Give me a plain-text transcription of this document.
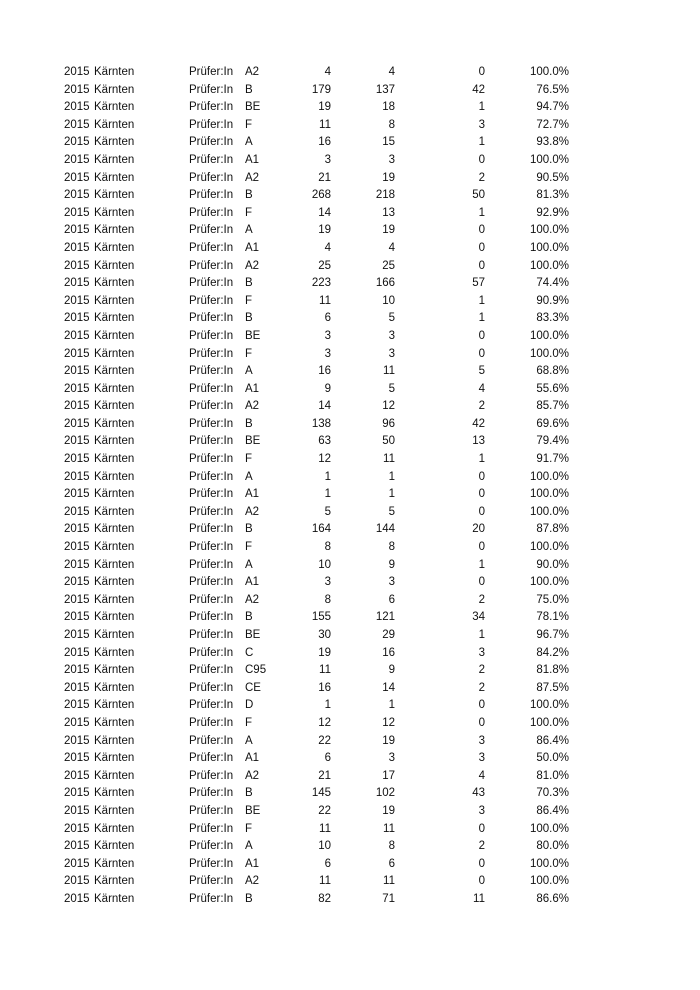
2015	Kärnten	Prüfer:In	A2	4	4	0	100.0%
2015	Kärnten	Prüfer:In	B	179	137	42	76.5%
2015	Kärnten	Prüfer:In	BE	19	18	1	94.7%
2015	Kärnten	Prüfer:In	F	11	8	3	72.7%
2015	Kärnten	Prüfer:In	A	16	15	1	93.8%
2015	Kärnten	Prüfer:In	A1	3	3	0	100.0%
2015	Kärnten	Prüfer:In	A2	21	19	2	90.5%
2015	Kärnten	Prüfer:In	B	268	218	50	81.3%
2015	Kärnten	Prüfer:In	F	14	13	1	92.9%
2015	Kärnten	Prüfer:In	A	19	19	0	100.0%
2015	Kärnten	Prüfer:In	A1	4	4	0	100.0%
2015	Kärnten	Prüfer:In	A2	25	25	0	100.0%
2015	Kärnten	Prüfer:In	B	223	166	57	74.4%
2015	Kärnten	Prüfer:In	F	11	10	1	90.9%
2015	Kärnten	Prüfer:In	B	6	5	1	83.3%
2015	Kärnten	Prüfer:In	BE	3	3	0	100.0%
2015	Kärnten	Prüfer:In	F	3	3	0	100.0%
2015	Kärnten	Prüfer:In	A	16	11	5	68.8%
2015	Kärnten	Prüfer:In	A1	9	5	4	55.6%
2015	Kärnten	Prüfer:In	A2	14	12	2	85.7%
2015	Kärnten	Prüfer:In	B	138	96	42	69.6%
2015	Kärnten	Prüfer:In	BE	63	50	13	79.4%
2015	Kärnten	Prüfer:In	F	12	11	1	91.7%
2015	Kärnten	Prüfer:In	A	1	1	0	100.0%
2015	Kärnten	Prüfer:In	A1	1	1	0	100.0%
2015	Kärnten	Prüfer:In	A2	5	5	0	100.0%
2015	Kärnten	Prüfer:In	B	164	144	20	87.8%
2015	Kärnten	Prüfer:In	F	8	8	0	100.0%
2015	Kärnten	Prüfer:In	A	10	9	1	90.0%
2015	Kärnten	Prüfer:In	A1	3	3	0	100.0%
2015	Kärnten	Prüfer:In	A2	8	6	2	75.0%
2015	Kärnten	Prüfer:In	B	155	121	34	78.1%
2015	Kärnten	Prüfer:In	BE	30	29	1	96.7%
2015	Kärnten	Prüfer:In	C	19	16	3	84.2%
2015	Kärnten	Prüfer:In	C95	11	9	2	81.8%
2015	Kärnten	Prüfer:In	CE	16	14	2	87.5%
2015	Kärnten	Prüfer:In	D	1	1	0	100.0%
2015	Kärnten	Prüfer:In	F	12	12	0	100.0%
2015	Kärnten	Prüfer:In	A	22	19	3	86.4%
2015	Kärnten	Prüfer:In	A1	6	3	3	50.0%
2015	Kärnten	Prüfer:In	A2	21	17	4	81.0%
2015	Kärnten	Prüfer:In	B	145	102	43	70.3%
2015	Kärnten	Prüfer:In	BE	22	19	3	86.4%
2015	Kärnten	Prüfer:In	F	11	11	0	100.0%
2015	Kärnten	Prüfer:In	A	10	8	2	80.0%
2015	Kärnten	Prüfer:In	A1	6	6	0	100.0%
2015	Kärnten	Prüfer:In	A2	11	11	0	100.0%
2015	Kärnten	Prüfer:In	B	82	71	11	86.6%
